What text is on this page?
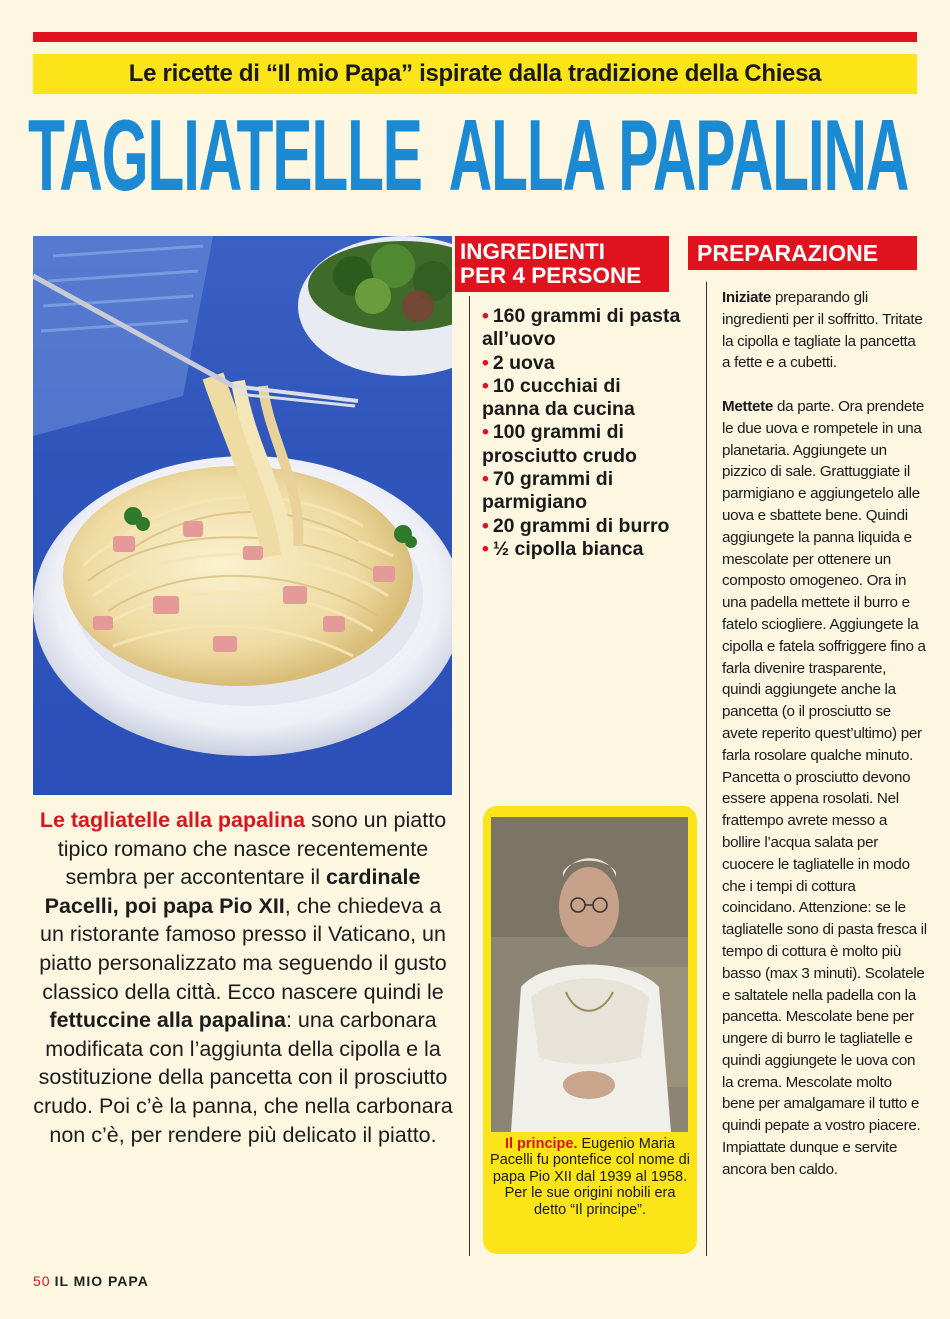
Le ricette di “Il mio Papa” ispirate dalla tradizione della Chiesa
TAGLIATELLE ALLA PAPALINA
Le tagliatelle alla papalina sono un piatto tipico romano che nasce recentemente sembra per accontentare il cardinale Pacelli, poi papa Pio XII, che chiedeva a un ristorante famoso presso il Vaticano, un piatto personalizzato ma seguendo il gusto classico della città. Ecco nascere quindi le fettuccine alla papalina: una carbonara modificata con l’aggiunta della cipolla e la sostituzione della pancetta con il prosciutto crudo. Poi c’è la panna, che nella carbonara non c’è, per rendere più delicato il piatto.
INGREDIENTI
PER 4 PERSONE
• 160 grammi di pasta all’uovo
• 2 uova
• 10 cucchiai di panna da cucina
• 100 grammi di prosciutto crudo
• 70 grammi di parmigiano
• 20 grammi di burro
• ½ cipolla bianca
Il principe. Eugenio Maria Pacelli fu pontefice col nome di papa Pio XII dal 1939 al 1958. Per le sue origini nobili era detto “Il principe”.
PREPARAZIONE

Iniziate preparando gli ingredienti per il soffritto. Tritate la cipolla e tagliate la pancetta a fette e a cubetti.

Mettete da parte. Ora prendete le due uova e rompetele in una planetaria. Aggiungete un pizzico di sale. Grattuggiate il parmigiano e aggiungetelo alle uova e sbattete bene. Quindi aggiungete la panna liquida e mescolate per ottenere un composto omogeneo. Ora in una padella mettete il burro e fatelo sciogliere. Aggiungete la cipolla e fatela soffriggere fino a farla divenire trasparente, quindi aggiungete anche la pancetta (o il prosciutto se avete reperito quest’ultimo) per farla rosolare qualche minuto. Pancetta o prosciutto devono essere appena rosolati. Nel frattempo avrete messo a bollire l’acqua salata per cuocere le tagliatelle in modo che i tempi di cottura coincidano. Attenzione: se le tagliatelle sono di pasta fresca il tempo di cottura è molto più basso (max 3 minuti). Scolatele e saltatele nella padella con la pancetta. Mescolate bene per ungere di burro le tagliatelle e quindi aggiungete le uova con la crema. Mescolate molto bene per amalgamare il tutto e quindi pepate a vostro piacere. Impiattate dunque e servite ancora ben caldo.

50 IL MIO PAPA
